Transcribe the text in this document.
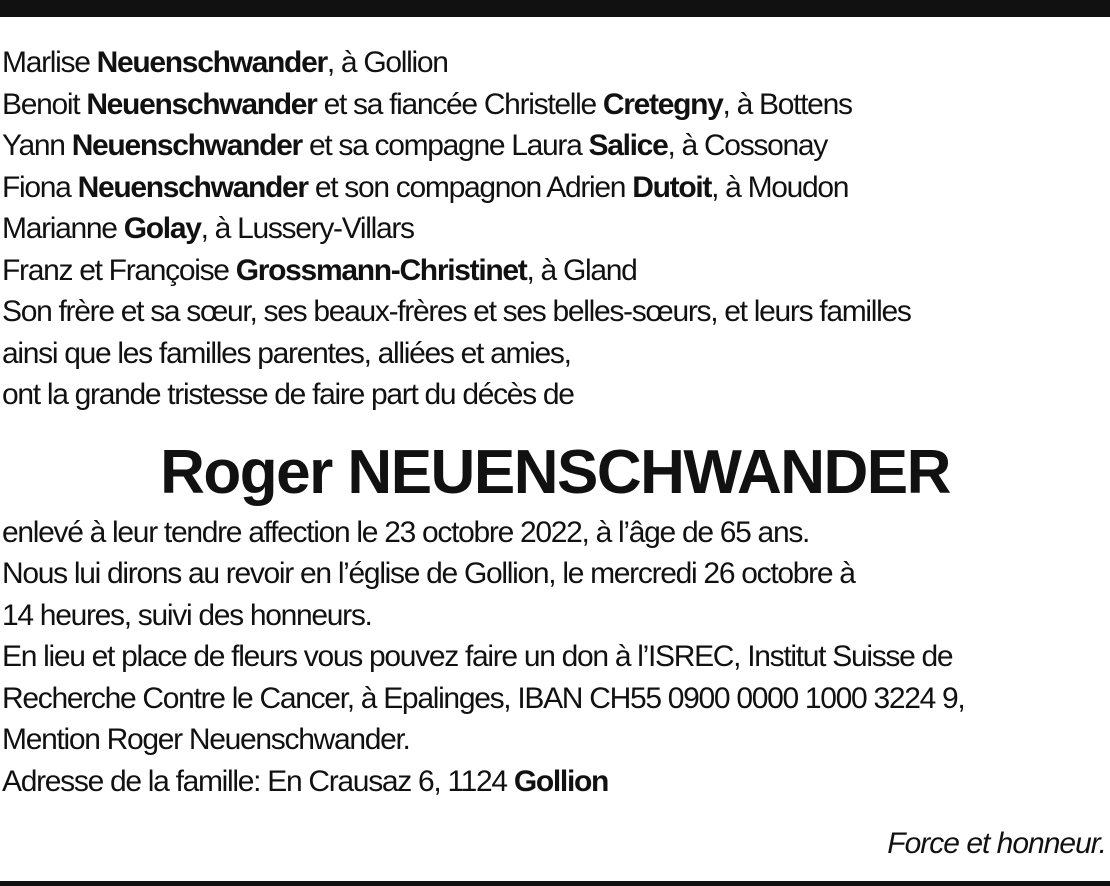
Marlise Neuenschwander, à Gollion
Benoit Neuenschwander et sa fiancée Christelle Cretegny, à Bottens
Yann Neuenschwander et sa compagne Laura Salice, à Cossonay
Fiona Neuenschwander et son compagnon Adrien Dutoit, à Moudon
Marianne Golay, à Lussery-Villars
Franz et Françoise Grossmann-Christinet, à Gland
Son frère et sa sœur, ses beaux-frères et ses belles-sœurs, et leurs familles
ainsi que les familles parentes, alliées et amies,
ont la grande tristesse de faire part du décès de
Roger NEUENSCHWANDER
enlevé à leur tendre affection le 23 octobre 2022, à l’âge de 65 ans.
Nous lui dirons au revoir en l’église de Gollion, le mercredi 26 octobre à
14 heures, suivi des honneurs.
En lieu et place de fleurs vous pouvez faire un don à l’ISREC, Institut Suisse de
Recherche Contre le Cancer, à Epalinges, IBAN CH55 0900 0000 1000 3224 9,
Mention Roger Neuenschwander.
Adresse de la famille: En Crausaz 6, 1124 Gollion
Force et honneur.
